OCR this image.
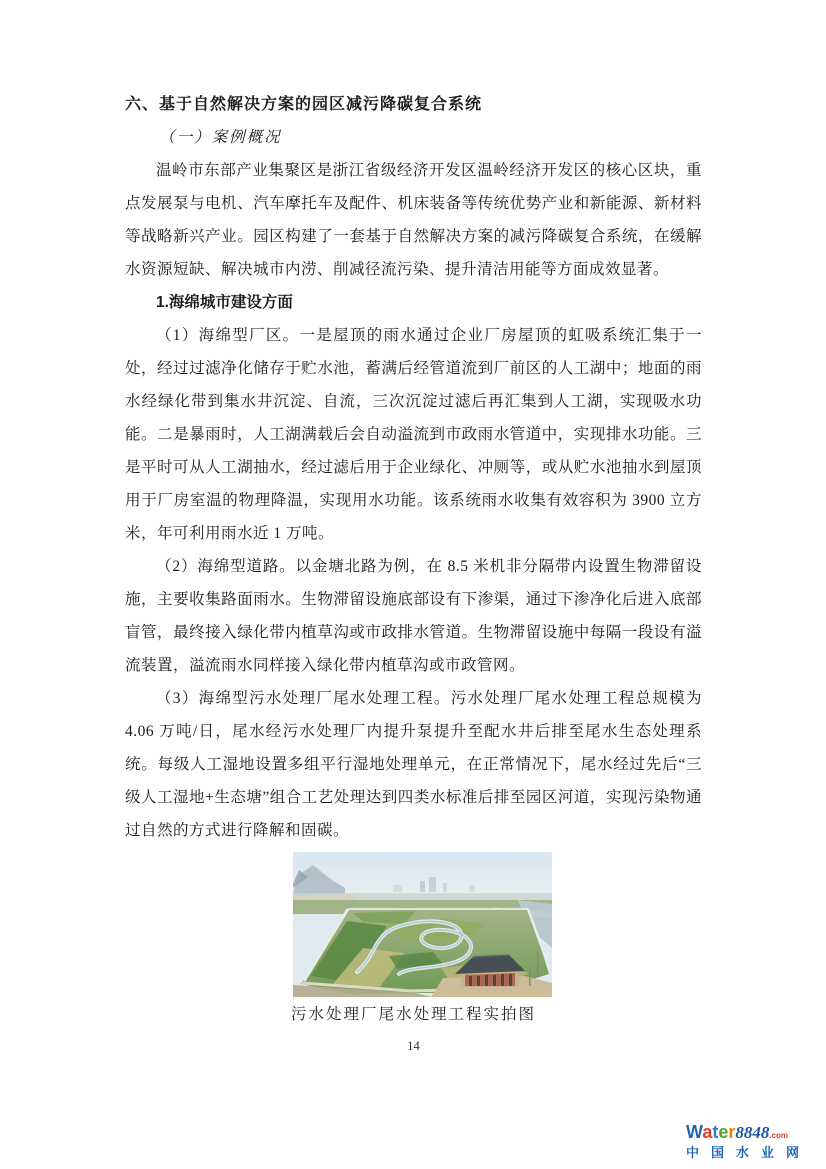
六、基于自然解决方案的园区减污降碳复合系统
（一）案例概况

温岭市东部产业集聚区是浙江省级经济开发区温岭经济开发区的核心区块，重点发展泵与电机、汽车摩托车及配件、机床装备等传统优势产业和新能源、新材料等战略新兴产业。园区构建了一套基于自然解决方案的减污降碳复合系统，在缓解水资源短缺、解决城市内涝、削减径流污染、提升清洁用能等方面成效显著。

1.海绵城市建设方面

（1）海绵型厂区。一是屋顶的雨水通过企业厂房屋顶的虹吸系统汇集于一处，经过过滤净化储存于贮水池，蓄满后经管道流到厂前区的人工湖中；地面的雨水经绿化带到集水井沉淀、自流，三次沉淀过滤后再汇集到人工湖，实现吸水功能。二是暴雨时，人工湖满载后会自动溢流到市政雨水管道中，实现排水功能。三是平时可从人工湖抽水，经过滤后用于企业绿化、冲厕等，或从贮水池抽水到屋顶用于厂房室温的物理降温，实现用水功能。该系统雨水收集有效容积为 3900 立方米，年可利用雨水近 1 万吨。

（2）海绵型道路。以金塘北路为例，在 8.5 米机非分隔带内设置生物滞留设施，主要收集路面雨水。生物滞留设施底部设有下渗渠，通过下渗净化后进入底部盲管，最终接入绿化带内植草沟或市政排水管道。生物滞留设施中每隔一段设有溢流装置，溢流雨水同样接入绿化带内植草沟或市政管网。

（3）海绵型污水处理厂尾水处理工程。污水处理厂尾水处理工程总规模为 4.06 万吨/日，尾水经污水处理厂内提升泵提升至配水井后排至尾水生态处理系统。每级人工湿地设置多组平行湿地处理单元，在正常情况下，尾水经过先后“三级人工湿地+生态塘”组合工艺处理达到四类水标准后排至园区河道，实现污染物通过自然的方式进行降解和固碳。

污水处理厂尾水处理工程实拍图
14
Water8848.com
中国水业网
